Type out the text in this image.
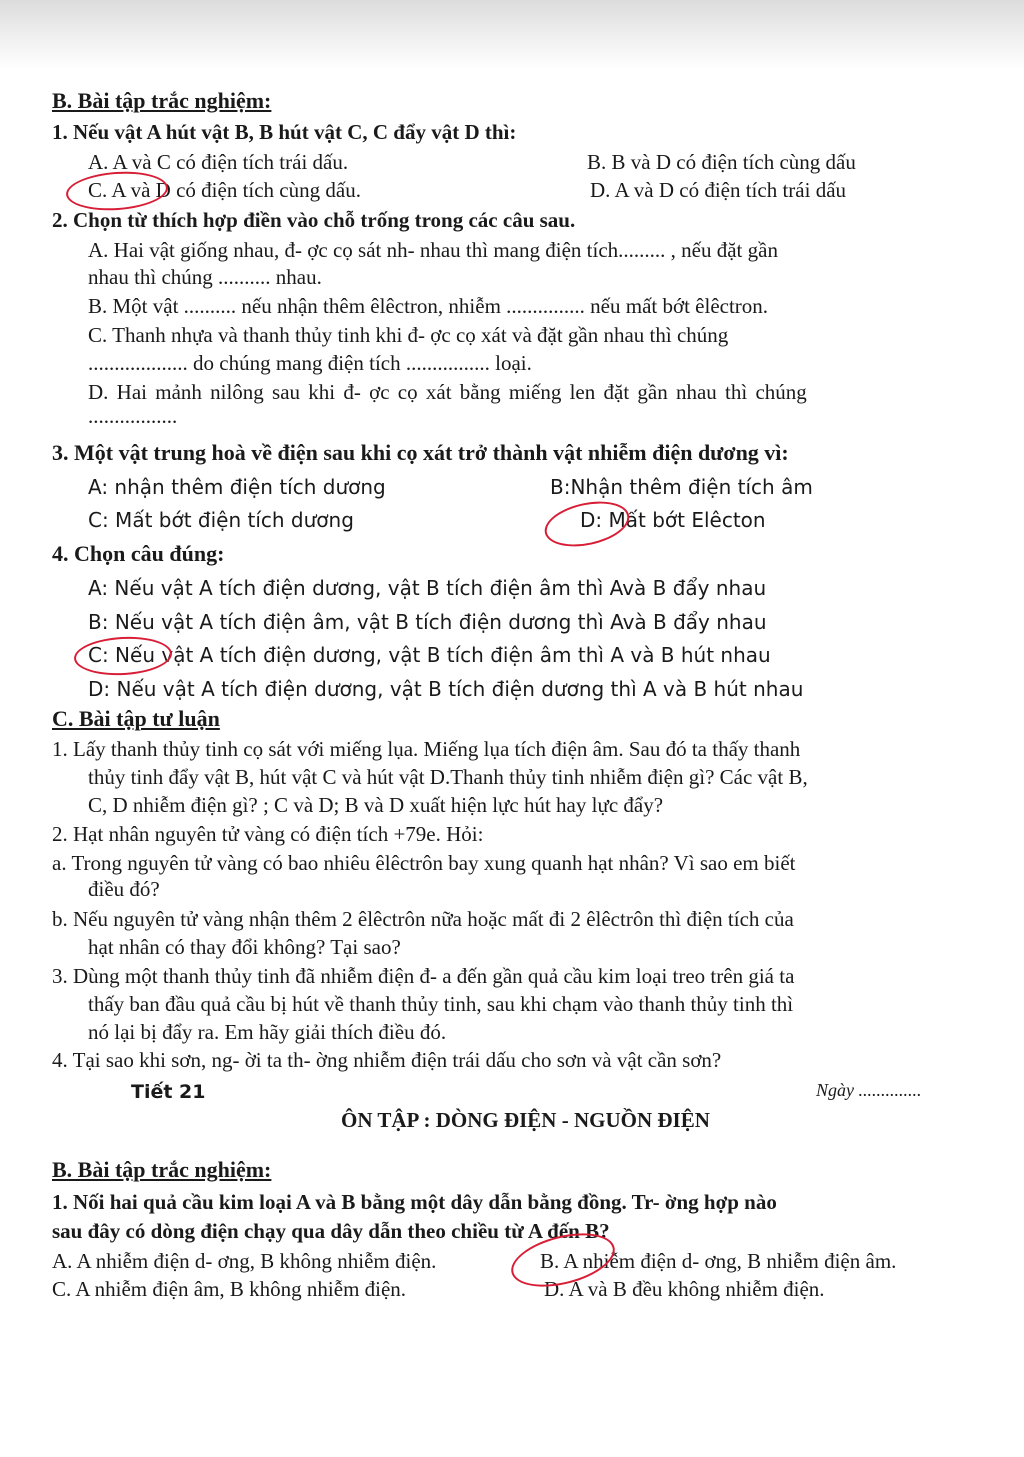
B. Bài tập trắc nghiệm:
1. Nếu vật A hút vật B, B hút vật C, C đẩy vật D thì:
A. A và C có điện tích trái dấu.	B. B và D có điện tích cùng dấu
C. A và D có điện tích cùng dấu.	D. A và D có điện tích trái dấu
2. Chọn từ thích hợp điền vào chỗ trống trong các câu sau.
A. Hai vật giống nhau, đ- ợc cọ sát nh- nhau thì mang điện tích......... , nếu đặt gần
nhau thì chúng .......... nhau.
B. Một vật .......... nếu nhận thêm êlêctron, nhiễm ............... nếu mất bớt êlêctron.
C. Thanh nhựa và thanh thủy tinh khi đ- ợc cọ xát và đặt gần nhau thì chúng
................... do chúng mang điện tích ................ loại.
D. Hai mảnh nilông sau khi đ- ợc cọ xát bằng miếng len đặt gần nhau thì chúng
.................
3. Một vật trung hoà về điện sau khi cọ xát trở thành vật nhiễm điện dương vì:
A: nhận thêm điện tích dương	B:Nhận thêm điện tích âm
C: Mất bớt điện tích dương	D: Mất bớt Elêcton
4. Chọn câu đúng:
A: Nếu vật A tích điện dương, vật B tích điện âm thì Avà B đẩy nhau
B: Nếu vật A tích điện âm, vật B tích điện dương thì Avà B đẩy nhau
C: Nếu vật A tích điện dương, vật B tích điện âm thì A và B hút nhau
D: Nếu vật A tích điện dương, vật B tích điện dương thì A và B hút nhau
C. Bài tập tư luận
1. Lấy thanh thủy tinh cọ sát với miếng lụa. Miếng lụa tích điện âm. Sau đó ta thấy thanh
thủy tinh đẩy vật B, hút vật C và hút vật D.Thanh thủy tinh nhiễm điện gì? Các vật B,
C, D nhiễm điện gì? ; C và D; B và D xuất hiện lực hút hay lực đẩy?
2. Hạt nhân nguyên tử vàng có điện tích +79e. Hỏi:
a. Trong nguyên tử vàng có bao nhiêu êlêctrôn bay xung quanh hạt nhân? Vì sao em biết
điều đó?
b. Nếu nguyên tử vàng nhận thêm 2 êlêctrôn nữa hoặc mất đi 2 êlêctrôn thì điện tích của
hạt nhân có thay đổi không? Tại sao?
3. Dùng một thanh thủy tinh đã nhiễm điện đ- a đến gần quả cầu kim loại treo trên giá ta
thấy ban đầu quả cầu bị hút về thanh thủy tinh, sau khi chạm vào thanh thủy tinh thì
nó lại bị đẩy ra. Em hãy giải thích điều đó.
4. Tại sao khi sơn, ng- ời ta th- ờng nhiễm điện trái dấu cho sơn và vật cần sơn?
Tiết 21	Ngày ..............
ÔN TẬP : DÒNG ĐIỆN - NGUỒN ĐIỆN
B. Bài tập trắc nghiệm:
1. Nối hai quả cầu kim loại A và B bằng một dây dẫn bằng đồng. Tr- ờng hợp nào
sau đây có dòng điện chạy qua dây dẫn theo chiều từ A đến B?
A. A nhiễm điện d- ơng, B không nhiễm điện.	B. A nhiễm điện d- ơng, B nhiễm điện âm.
C. A nhiễm điện âm, B không nhiễm điện.	D. A và B đều không nhiễm điện.
